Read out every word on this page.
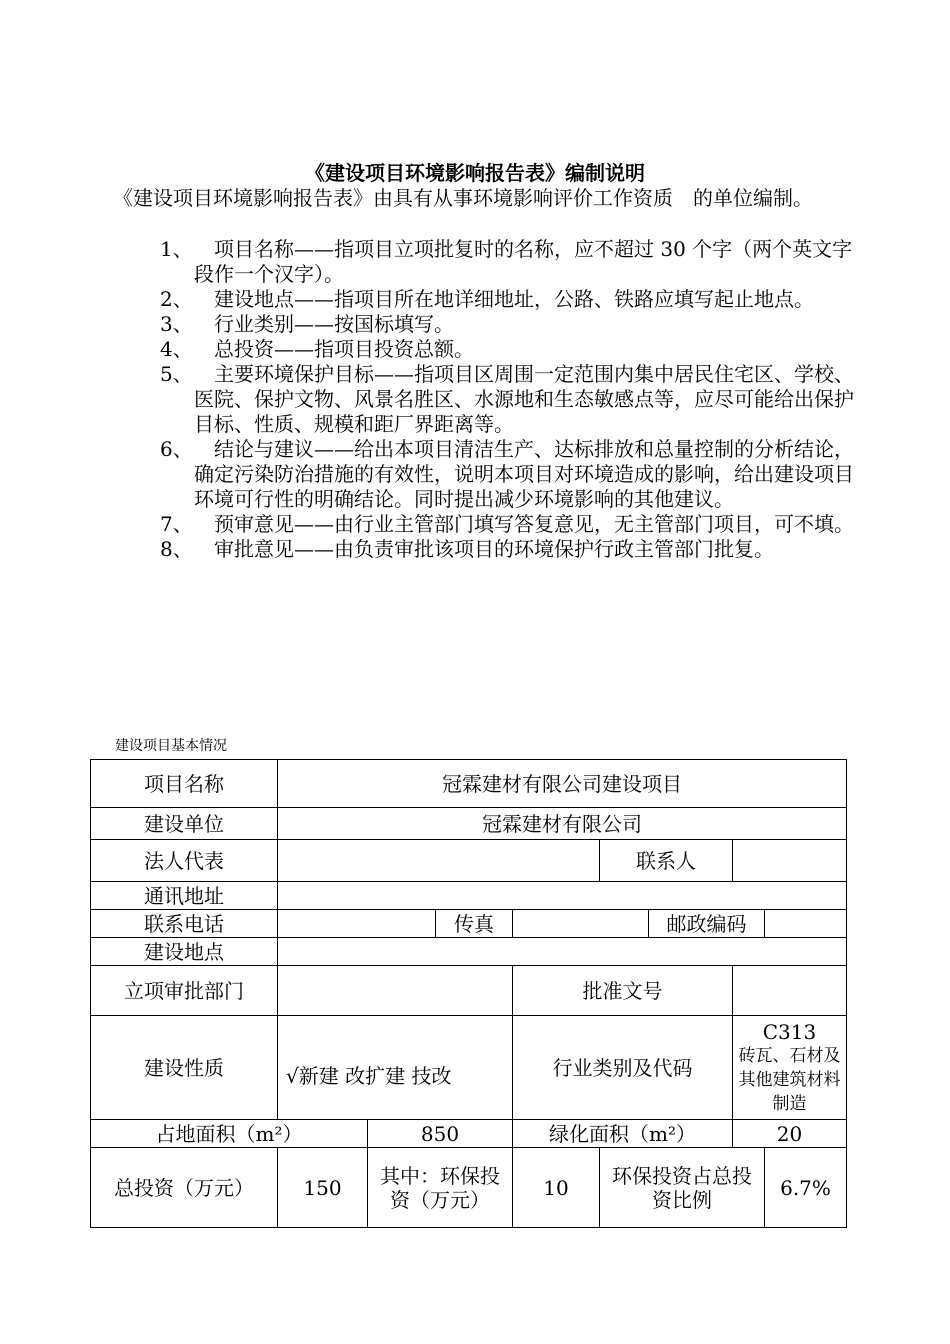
《建设项目环境影响报告表》编制说明
《建设项目环境影响报告表》由具有从事环境影响评价工作资质　的单位编制。
1、	项目名称——指项目立项批复时的名称，应不超过 30 个字（两个英文字段作一个汉字）。
2、	建设地点——指项目所在地详细地址，公路、铁路应填写起止地点。
3、	行业类别——按国标填写。
4、	总投资——指项目投资总额。
5、	主要环境保护目标——指项目区周围一定范围内集中居民住宅区、学校、医院、保护文物、风景名胜区、水源地和生态敏感点等，应尽可能给出保护目标、性质、规模和距厂界距离等。
6、	结论与建议——给出本项目清洁生产、达标排放和总量控制的分析结论，确定污染防治措施的有效性，说明本项目对环境造成的影响，给出建设项目环境可行性的明确结论。同时提出减少环境影响的其他建议。
7、	预审意见——由行业主管部门填写答复意见，无主管部门项目，可不填。
8、	审批意见——由负责审批该项目的环境保护行政主管部门批复。
建设项目基本情况
项目名称	冠霖建材有限公司建设项目							
建设单位	冠霖建材有限公司							
法人代表					联系人			
通讯地址								
联系电话			传真			邮政编码		
建设地点								
立项审批部门				批准文号				
建设性质	√新建 改扩建 技改			行业类别及代码			C313
砖瓦、石材及其他建筑材料制造	

占地面积（m²）		850		绿化面积（m²）			20	
总投资（万元）	150	其中：环保投资（万元）		10	环保投资占总投资比例			6.7%
